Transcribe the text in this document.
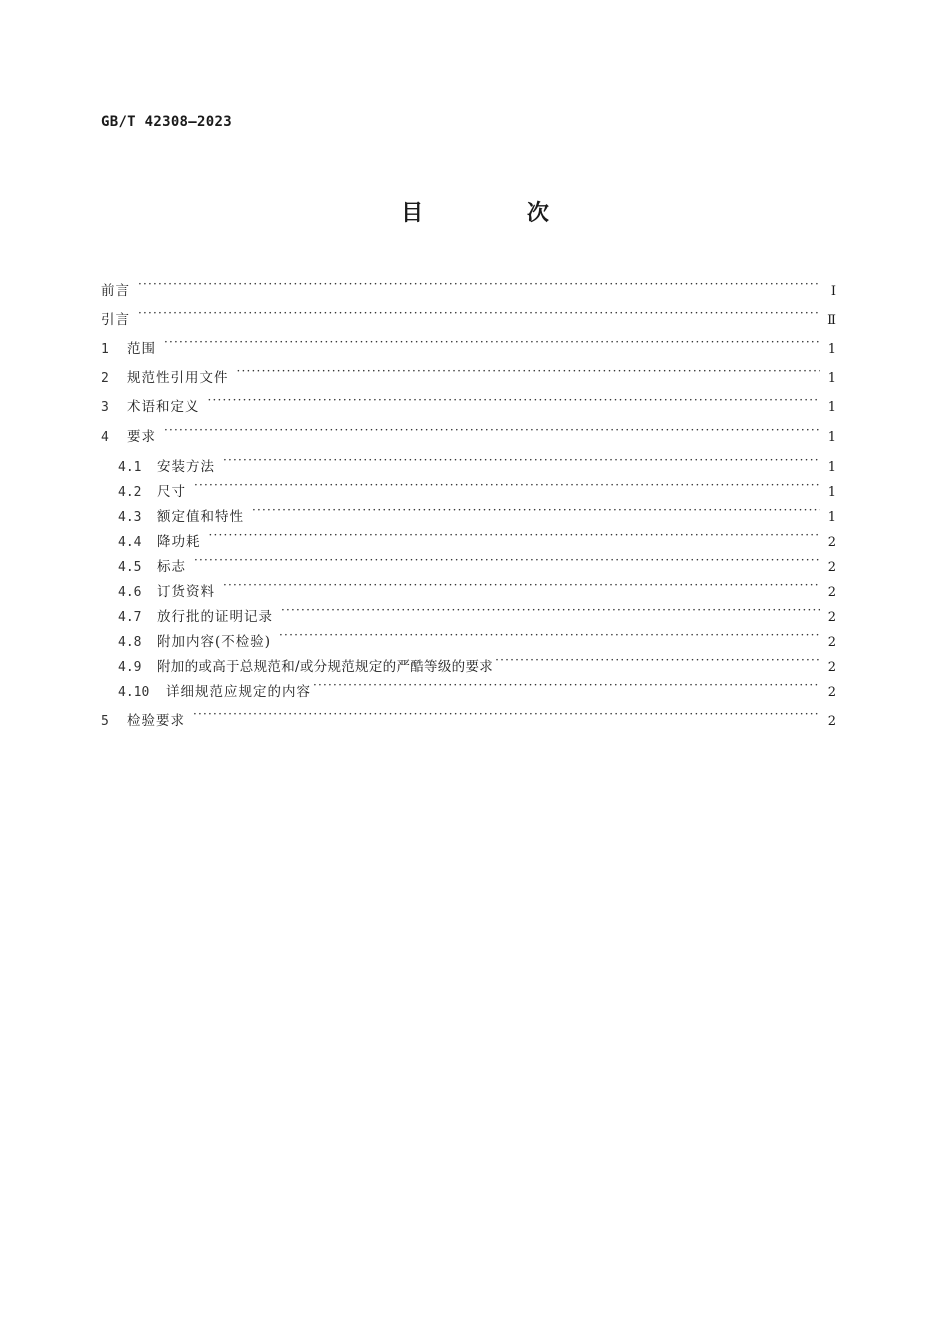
GB/T 42308—2023
目 次
前言 ·····	Ⅰ
引言 ·····	Ⅱ
1	范围 ·····	1
2	规范性引用文件 ·····	1
3	术语和定义 ·····	1
4	要求 ·····	1
4.1	安装方法 ·····	1
4.2	尺寸 ·····	1
4.3	额定值和特性 ·····	1
4.4	降功耗 ·····	2
4.5	标志 ·····	2
4.6	订货资料 ·····	2
4.7	放行批的证明记录 ·····	2
4.8	附加内容(不检验) ·····	2
4.9	附加的或高于总规范和/或分规范规定的严酷等级的要求 ·····	2
4.10	详细规范应规定的内容 ·····	2
5	检验要求 ·····	2
